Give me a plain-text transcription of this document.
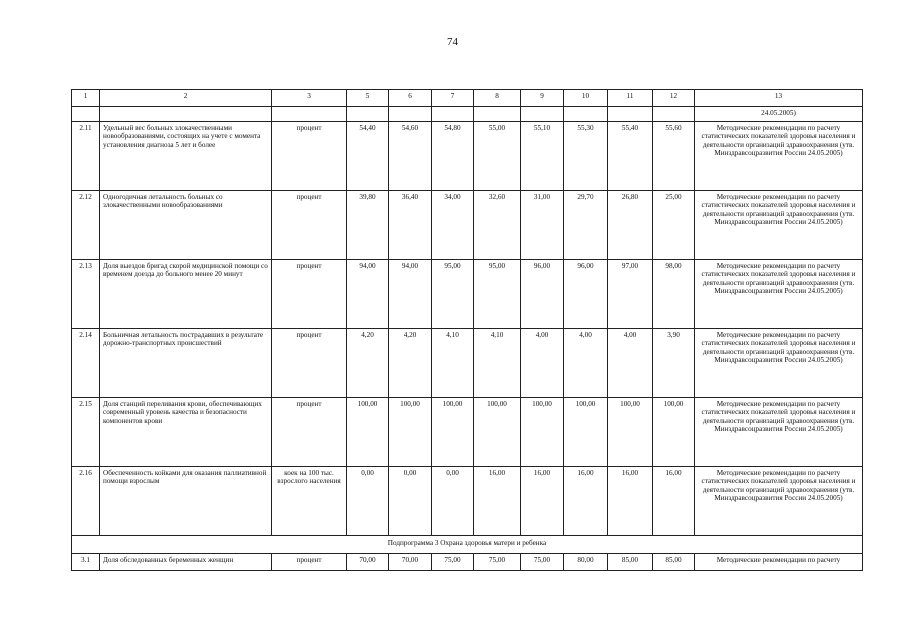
74
1	2	3	5	6	7	8	9	10	11	12	13
											24.05.2005)
2.11	Удельный вес больных злокачественными новообразованиями, состоящих на учете с момента установления диагноза 5 лет и более	процент	54,40	54,60	54,80	55,00	55,10	55,30	55,40	55,60	Методические рекомендации по расчету статистических показателей здоровья населения и деятельности организаций здравоохранения (утв. Минздравсоцразвития России 24.05.2005)
2.12	Одногодичная летальность больных со злокачественными новообразованиями	процент	39,80	36,40	34,00	32,60	31,00	29,70	26,80	25,00	Методические рекомендации по расчету статистических показателей здоровья населения и деятельности организаций здравоохранения (утв. Минздравсоцразвития России 24.05.2005)
2.13	Доля выездов бригад скорой медицинской помощи со временем доезда до больного менее 20 минут	процент	94,00	94,00	95,00	95,00	96,00	96,00	97,00	98,00	Методические рекомендации по расчету статистических показателей здоровья населения и деятельности организаций здравоохранения (утв. Минздравсоцразвития России 24.05.2005)
2.14	Больничная летальность пострадавших в результате дорожно-транспортных происшествий	процент	4,20	4,20	4,10	4,10	4,00	4,00	4,00	3,90	Методические рекомендации по расчету статистических показателей здоровья населения и деятельности организаций здравоохранения (утв. Минздравсоцразвития России 24.05.2005)
2.15	Доля станций переливания крови, обеспечивающих современный уровень качества и безопасности компонентов крови	процент	100,00	100,00	100,00	100,00	100,00	100,00	100,00	100,00	Методические рекомендации по расчету статистических показателей здоровья населения и деятельности организаций здравоохранения (утв. Минздравсоцразвития России 24.05.2005)
2.16	Обеспеченность койками для оказания паллиативной помощи взрослым	коек на 100 тыс. взрослого населения	0,00	0,00	0,00	16,00	16,00	16,00	16,00	16,00	Методические рекомендации по расчету статистических показателей здоровья населения и деятельности организаций здравоохранения (утв. Минздравсоцразвития России 24.05.2005)
Подпрограмма 3 Охрана здоровья матери и ребенка											
3.1	Доля обследованных беременных женщин	процент	70,00	70,00	75,00	75,00	75,00	80,00	85,00	85,00	Методические рекомендации по расчету
